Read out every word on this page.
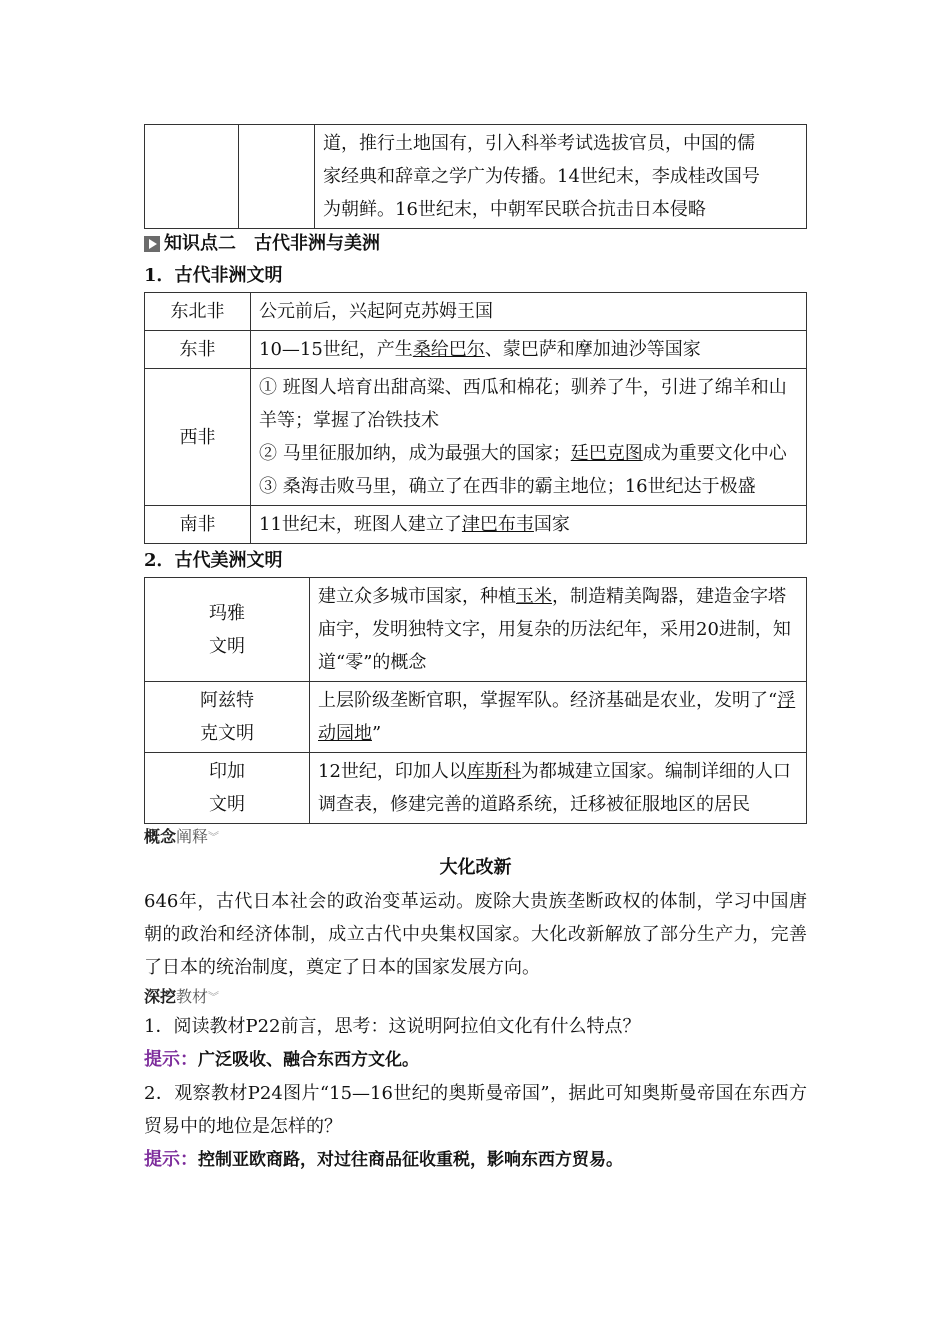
道，推行土地国有，引入科举考试选拔官员，中国的儒
家经典和辞章之学广为传播。14世纪末，李成桂改国号
为朝鲜。16世纪末，中朝军民联合抗击日本侵略
知识点二 古代非洲与美洲

1．古代非洲文明

东北非	公元前后，兴起阿克苏姆王国
东非	10—15世纪，产生桑给巴尔、蒙巴萨和摩加迪沙等国家
西非	① 班图人培育出甜高粱、西瓜和棉花；驯养了牛，引进了绵羊和山羊等；掌握了冶铁技术
② 马里征服加纳，成为最强大的国家；廷巴克图成为重要文化中心
③ 桑海击败马里，确立了在西非的霸主地位；16世纪达于极盛

南非	11世纪末，班图人建立了津巴布韦国家

2．古代美洲文明

玛雅
文明	建立众多城市国家，种植玉米，制造精美陶器，建造金字塔庙宇，发明独特文字，用复杂的历法纪年，采用20进制，知道“零”的概念

阿兹特
克文明	上层阶级垄断官职，掌握军队。经济基础是农业，发明了“浮动园地”

印加
文明	12世纪，印加人以库斯科为都城建立国家。编制详细的人口调查表，修建完善的道路系统，迁移被征服地区的居民
概念阐释︾
大化改新
646年，古代日本社会的政治变革运动。废除大贵族垄断政权的体制，学习中国唐朝的政治和经济体制，成立古代中央集权国家。大化改新解放了部分生产力，完善了日本的统治制度，奠定了日本的国家发展方向。
深挖教材︾
1．阅读教材P22前言，思考：这说明阿拉伯文化有什么特点？
提示：广泛吸收、融合东西方文化。
2．观察教材P24图片“15—16世纪的奥斯曼帝国”，据此可知奥斯曼帝国在东西方贸易中的地位是怎样的？
提示：控制亚欧商路，对过往商品征收重税，影响东西方贸易。
